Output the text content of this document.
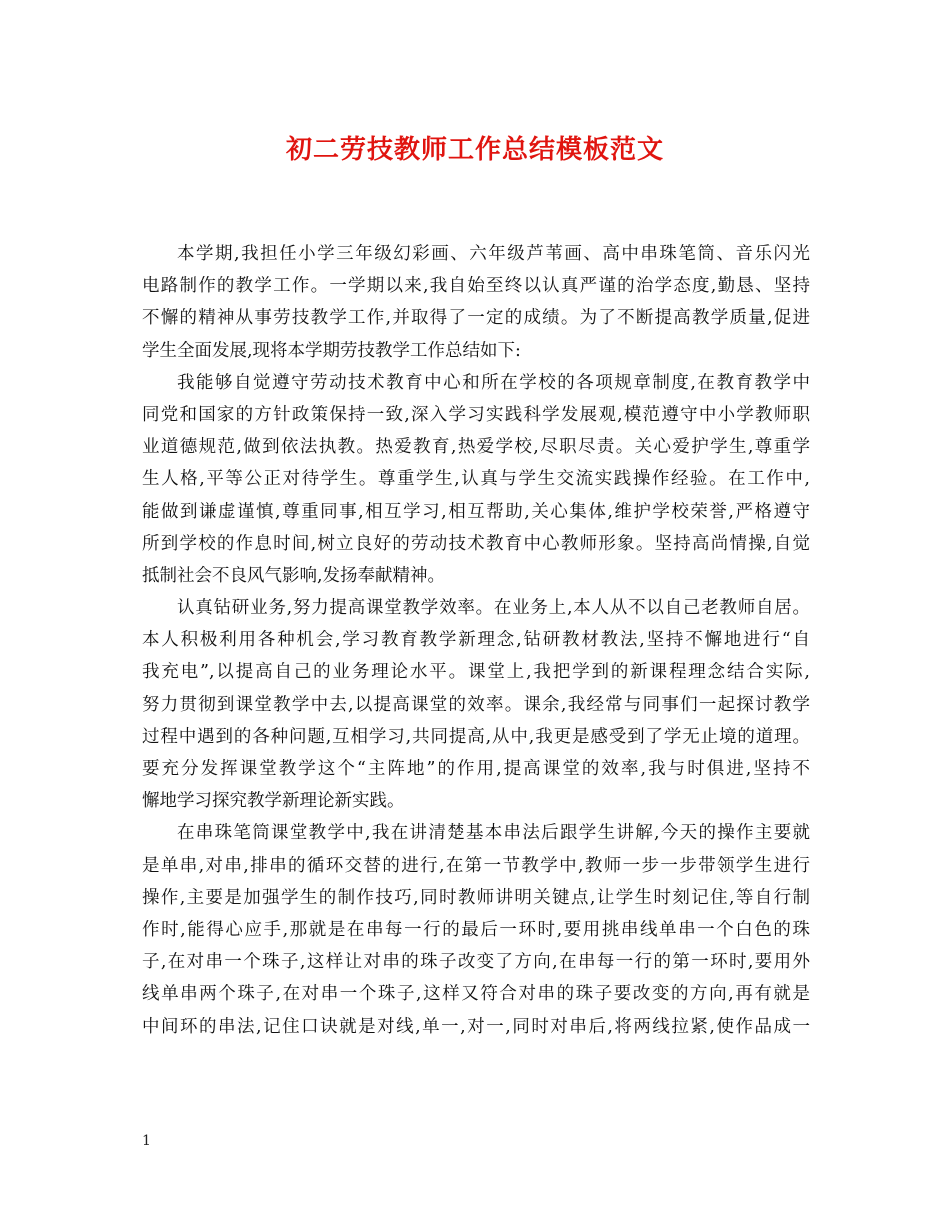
初二劳技教师工作总结模板范文
本学期,我担任小学三年级幻彩画、六年级芦苇画、高中串珠笔筒、音乐闪光
电路制作的教学工作。一学期以来,我自始至终以认真严谨的治学态度,勤恳、坚持
不懈的精神从事劳技教学工作,并取得了一定的成绩。为了不断提高教学质量,促进
学生全面发展,现将本学期劳技教学工作总结如下:
我能够自觉遵守劳动技术教育中心和所在学校的各项规章制度,在教育教学中
同党和国家的方针政策保持一致,深入学习实践科学发展观,模范遵守中小学教师职
业道德规范,做到依法执教。热爱教育,热爱学校,尽职尽责。关心爱护学生,尊重学
生人格,平等公正对待学生。尊重学生,认真与学生交流实践操作经验。在工作中,
能做到谦虚谨慎,尊重同事,相互学习,相互帮助,关心集体,维护学校荣誉,严格遵守
所到学校的作息时间,树立良好的劳动技术教育中心教师形象。坚持高尚情操,自觉
抵制社会不良风气影响,发扬奉献精神。
认真钻研业务,努力提高课堂教学效率。在业务上,本人从不以自己老教师自居。
本人积极利用各种机会,学习教育教学新理念,钻研教材教法,坚持不懈地进行“自
我充电”,以提高自己的业务理论水平。课堂上,我把学到的新课程理念结合实际,
努力贯彻到课堂教学中去,以提高课堂的效率。课余,我经常与同事们一起探讨教学
过程中遇到的各种问题,互相学习,共同提高,从中,我更是感受到了学无止境的道理。
要充分发挥课堂教学这个“主阵地”的作用,提高课堂的效率,我与时俱进,坚持不
懈地学习探究教学新理论新实践。
在串珠笔筒课堂教学中,我在讲清楚基本串法后跟学生讲解,今天的操作主要就
是单串,对串,排串的循环交替的进行,在第一节教学中,教师一步一步带领学生进行
操作,主要是加强学生的制作技巧,同时教师讲明关键点,让学生时刻记住,等自行制
作时,能得心应手,那就是在串每一行的最后一环时,要用挑串线单串一个白色的珠
子,在对串一个珠子,这样让对串的珠子改变了方向,在串每一行的第一环时,要用外
线单串两个珠子,在对串一个珠子,这样又符合对串的珠子要改变的方向,再有就是
中间环的串法,记住口诀就是对线,单一,对一,同时对串后,将两线拉紧,使作品成一
1
